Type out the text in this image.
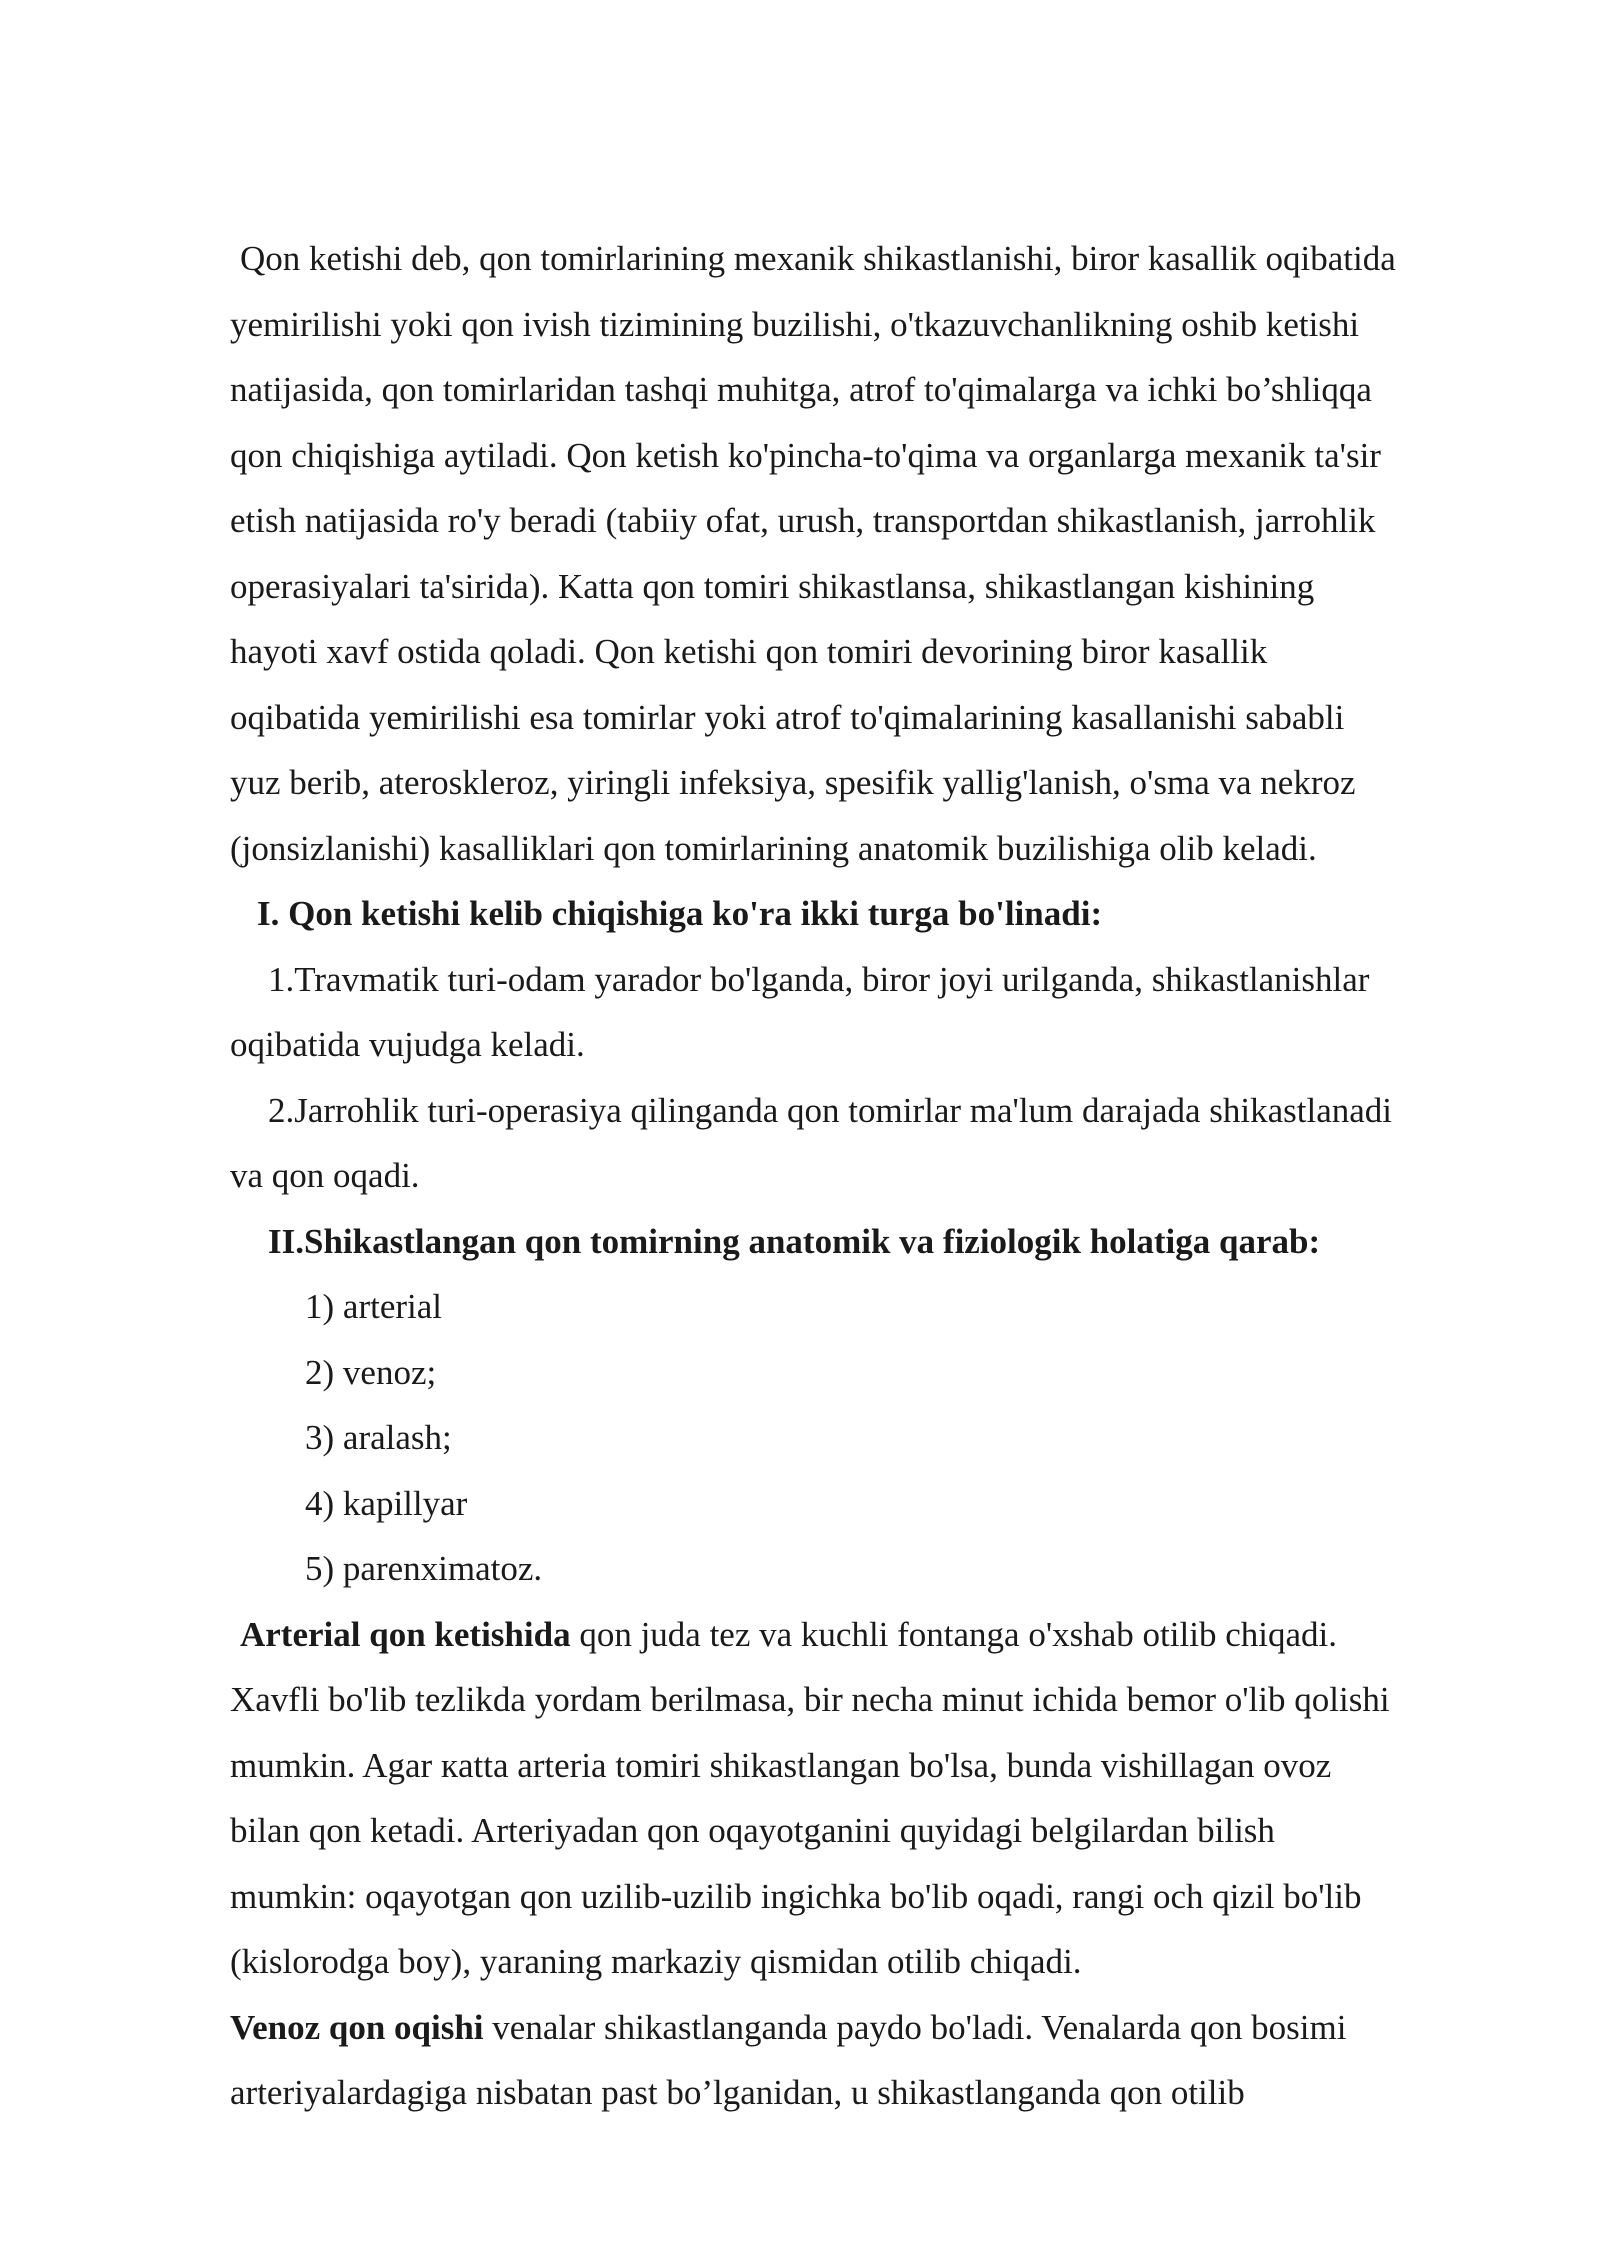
Qon ketishi deb, qon tomirlarining mexanik shikastlanishi, biror kasallik oqibatida
yemirilishi yoki qon ivish tizimining buzilishi, o'tkazuvchanlikning oshib ketishi
natijasida, qon tomirlaridan tashqi muhitga, atrof to'qimalarga va ichki bo’shliqqa
qon chiqishiga aytiladi. Qon ketish ko'pincha-to'qima va organlarga mexanik ta'sir
etish natijasida ro'y beradi (tabiiy ofat, urush, transportdan shikastlanish, jarrohlik
operasiyalari ta'sirida). Katta qon tomiri shikastlansa, shikastlangan kishining
hayoti xavf ostida qoladi. Qon ketishi qon tomiri devorining biror kasallik
oqibatida yemirilishi esa tomirlar yoki atrof to'qimalarining kasallanishi sababli
yuz berib, ateroskleroz, yiringli infeksiya, spesifik yallig'lanish, o'sma va nekroz
(jonsizlanishi) kasalliklari qon tomirlarining anatomik buzilishiga olib keladi.
I. Qon ketishi kelib chiqishiga ko'ra ikki turga bo'linadi:
1.Travmatik turi-odam yarador bo'lganda, biror joyi urilganda, shikastlanishlar
oqibatida vujudga keladi.
2.Jarrohlik turi-operasiya qilinganda qon tomirlar ma'lum darajada shikastlanadi
va qon oqadi.
II.Shikastlangan qon tomirning anatomik va fiziologik holatiga qarab:
1) arterial
2) venoz;
3) aralash;
4) kapillyar
5) parenximatoz.
Arterial qon ketishida qon juda tez va kuchli fontanga o'xshab otilib chiqadi.
Xavfli bo'lib tezlikda yordam berilmasa, bir necha minut ichida bemor o'lib qolishi
mumkin. Agar кatta arteria tomiri shikastlangan bo'lsa, bunda vishillagan ovoz
bilan qon ketadi. Arteriyadan qon oqayotganini quyidagi belgilardan bilish
mumkin: oqayotgan qon uzilib-uzilib ingichka bo'lib oqadi, rangi och qizil bo'lib
(kislorodga boy), yaraning markaziy qismidan otilib chiqadi.
Venoz qon oqishi venalar shikastlanganda paydo bo'ladi. Venalarda qon bosimi
arteriyalardagiga nisbatan past bo’lganidan, u shikastlanganda qon otilib
